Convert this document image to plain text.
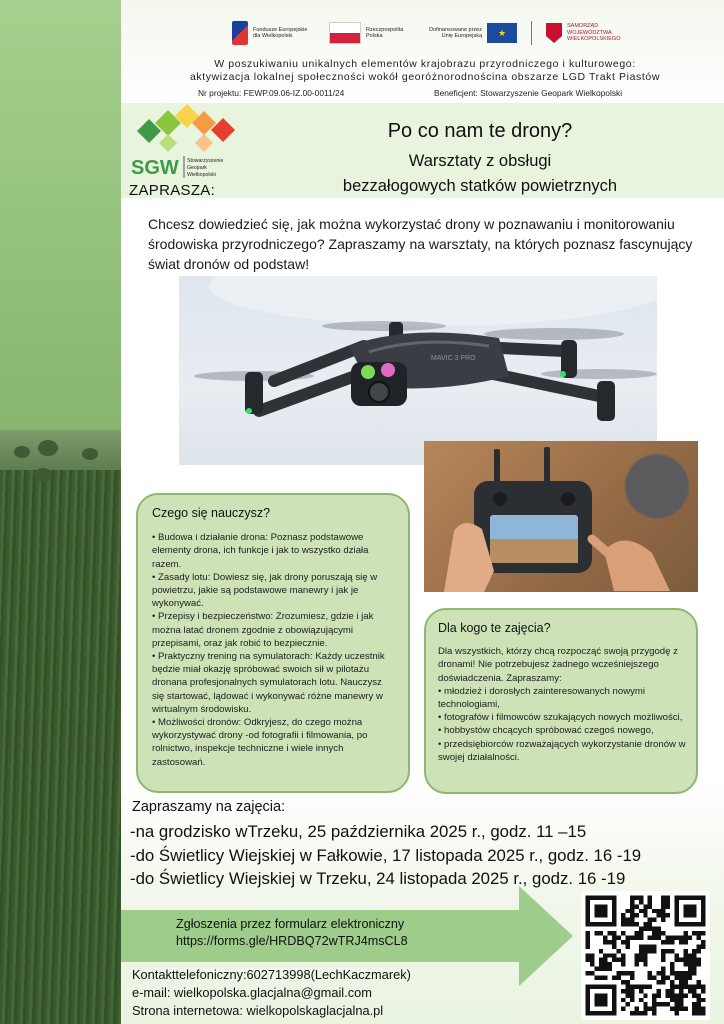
Fundusze Europejskie dla Wielkopolski
Rzeczpospolita Polska
Dofinansowane przez Unię Europejską	★
SAMORZĄD WOJEWÓDZTWA WIELKOPOLSKIEGO
W poszukiwaniu unikalnych elementów krajobrazu przyrodniczego i kulturowego:
aktywizacja lokalnej społeczności wokół georóżnorodnościna obszarze LGD Trakt Piastów
Nr projektu: FEWP.09.06-IZ.00-0011/24	Beneficjent: Stowarzyszenie Geopark Wielkopolski
SGW Stowarzyszenie
Geopark
Wielkopolski
ZAPRASZA:
Po co nam te drony?
Warsztaty z obsługi
bezzałogowych statków powietrznych

Chcesz dowiedzieć się, jak można wykorzystać drony w poznawaniu i monitorowaniu środowiska przyrodniczego? Zapraszamy na warsztaty, na których poznasz fascynujący świat dronów od podstaw!

MAVIC 3 PRO
Czego się nauczysz?
• Budowa i działanie drona: Poznasz podstawowe elementy drona, ich funkcje i jak to wszystko działa razem.
• Zasady lotu: Dowiesz się, jak drony poruszają się w powietrzu, jakie są podstawowe manewry i jak je wykonywać.
• Przepisy i bezpieczeństwo: Zrozumiesz, gdzie i jak można latać dronem zgodnie z obowiązującymi przepisami, oraz jak robić to bezpiecznie.
• Praktyczny trening na symulatorach: Każdy uczestnik będzie miał okazję spróbować swoich sił w pilotażu dronana profesjonalnych symulatorach lotu. Nauczysz się startować, lądować i wykonywać różne manewry w wirtualnym środowisku.
• Możliwości dronów: Odkryjesz, do czego można wykorzystywać drony -od fotografii i filmowania, po rolnictwo, inspekcje techniczne i wiele innych zastosowań.
Dla kogo te zajęcia?

Dla wszystkich, którzy chcą rozpocząć swoją przygodę z dronami! Nie potrzebujesz żadnego wcześniejszego doświadczenia. Zapraszamy:

• młodzież i dorosłych zainteresowanych nowymi technologiami,
• fotografów i filmowców szukających nowych możliwości,
• hobbystów chcących spróbować czegoś nowego,
• przedsiębiorców rozważających wykorzystanie dronów w swojej działalności.
Zapraszamy na zajęcia:
-na grodzisko wTrzeku, 25 października 2025 r., godz. 11 –15
-do Świetlicy Wiejskiej w Fałkowie, 17 listopada 2025 r., godz. 16 -19
-do Świetlicy Wiejskiej w Trzeku, 24 listopada 2025 r., godz. 16 -19
Zgłoszenia przez formularz elektroniczny
https://forms.gle/HRDBQ72wTRJ4msCL8
Kontakttelefoniczny:602713998(LechKaczmarek)
e-mail: wielkopolska.glacjalna@gmail.com
Strona internetowa: wielkopolskaglacjalna.pl
